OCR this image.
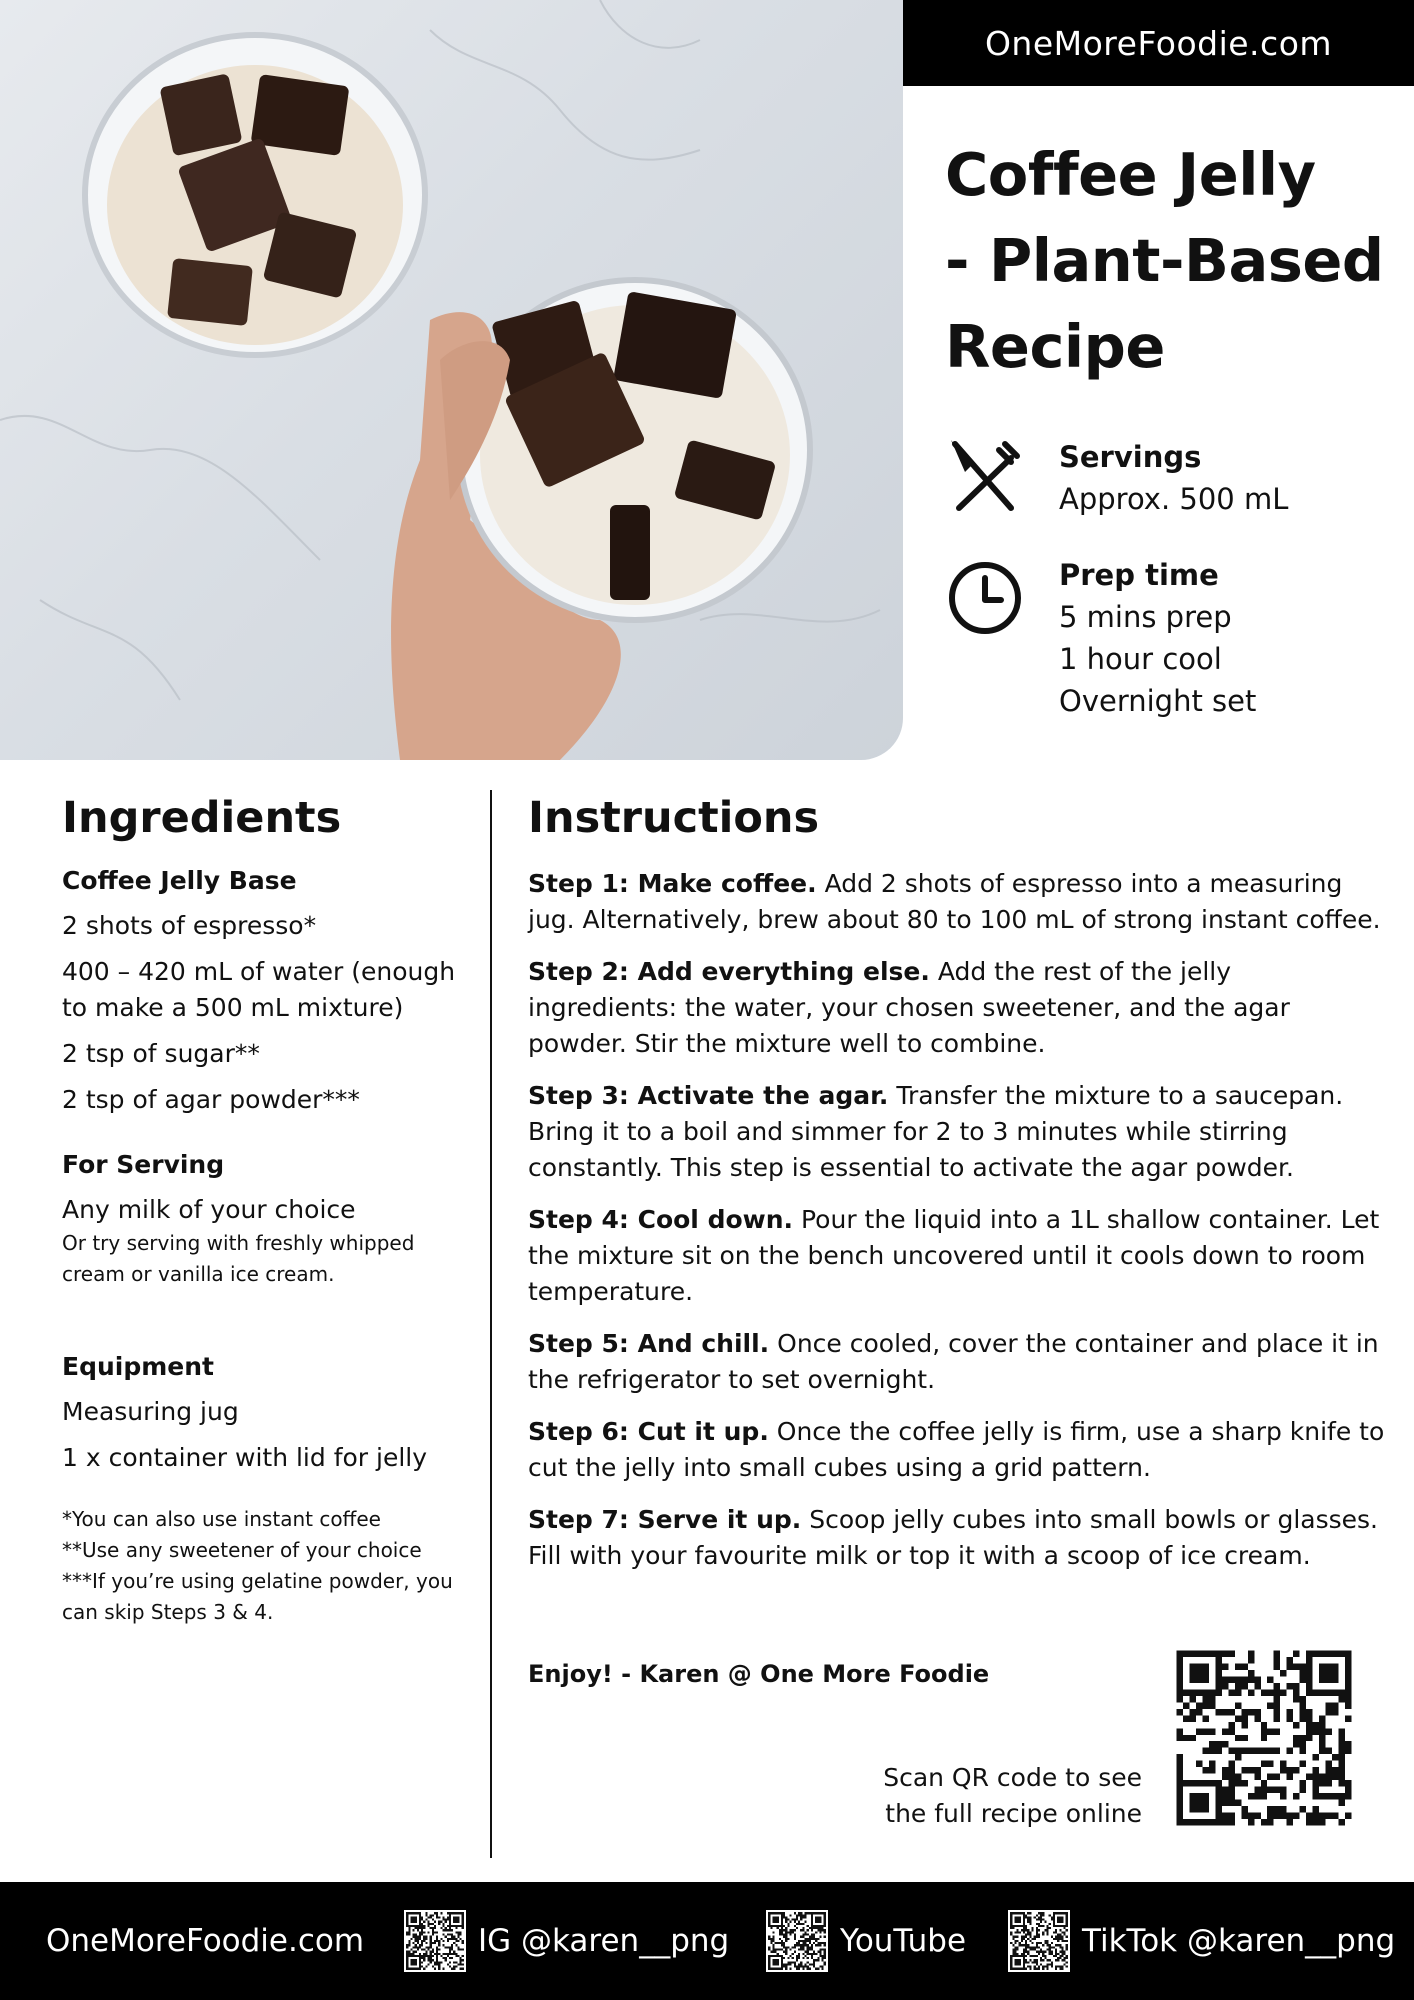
OneMoreFoodie.com
Coffee Jelly
- Plant-Based
Recipe
Servings
Approx. 500 mL
Prep time
5 mins prep
1 hour cool
Overnight set
Ingredients
Coffee Jelly Base
2 shots of espresso*
400 – 420 mL of water (enough to make a 500 mL mixture)
2 tsp of sugar**
2 tsp of agar powder***
For Serving
Any milk of your choice
Or try serving with freshly whipped cream or vanilla ice cream.
Equipment
Measuring jug
1 x container with lid for jelly
*You can also use instant coffee
**Use any sweetener of your choice
***If you’re using gelatine powder, you can skip Steps 3 & 4.
Instructions
Step 1: Make coffee. Add 2 shots of espresso into a measuring jug. Alternatively, brew about 80 to 100 mL of strong instant coffee.
Step 2: Add everything else. Add the rest of the jelly ingredients: the water, your chosen sweetener, and the agar powder. Stir the mixture well to combine.
Step 3: Activate the agar. Transfer the mixture to a saucepan. Bring it to a boil and simmer for 2 to 3 minutes while stirring constantly. This step is essential to activate the agar powder.
Step 4: Cool down. Pour the liquid into a 1L shallow container. Let the mixture sit on the bench uncovered until it cools down to room temperature.
Step 5: And chill. Once cooled, cover the container and place it in the refrigerator to set overnight.
Step 6: Cut it up. Once the coffee jelly is firm, use a sharp knife to cut the jelly into small cubes using a grid pattern.
Step 7: Serve it up. Scoop jelly cubes into small bowls or glasses. Fill with your favourite milk or top it with a scoop of ice cream.
Enjoy! - Karen @ One More Foodie
Scan QR code to see
the full recipe online
OneMoreFoodie.com	IG @karen__png	YouTube	TikTok @karen__png
